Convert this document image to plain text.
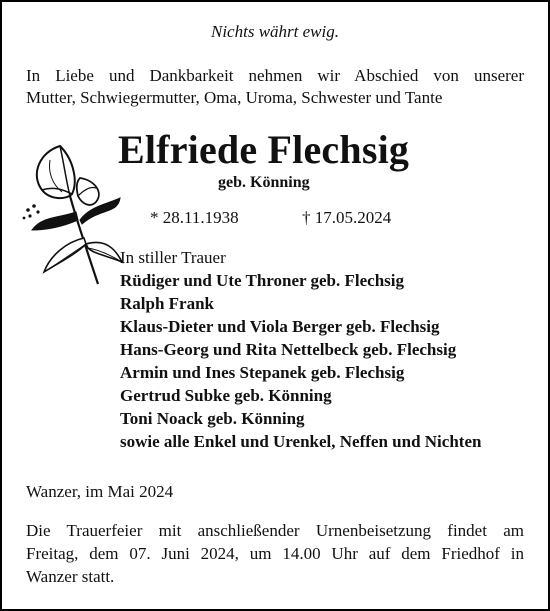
Nichts währt ewig.
In Liebe und Dankbarkeit nehmen wir Abschied von unserer
Mutter, Schwiegermutter, Oma, Uroma, Schwester und Tante
Elfriede Flechsig
geb. Könning
* 28.11.1938	† 17.05.2024
In stiller Trauer
Rüdiger und Ute Throner geb. Flechsig
Ralph Frank
Klaus-Dieter und Viola Berger geb. Flechsig
Hans-Georg und Rita Nettelbeck geb. Flechsig
Armin und Ines Stepanek geb. Flechsig
Gertrud Subke geb. Könning
Toni Noack geb. Könning
sowie alle Enkel und Urenkel, Neffen und Nichten
Wanzer, im Mai 2024
Die Trauerfeier mit anschließender Urnenbeisetzung findet am
Freitag, dem 07. Juni 2024, um 14.00 Uhr auf dem Friedhof in
Wanzer statt.
